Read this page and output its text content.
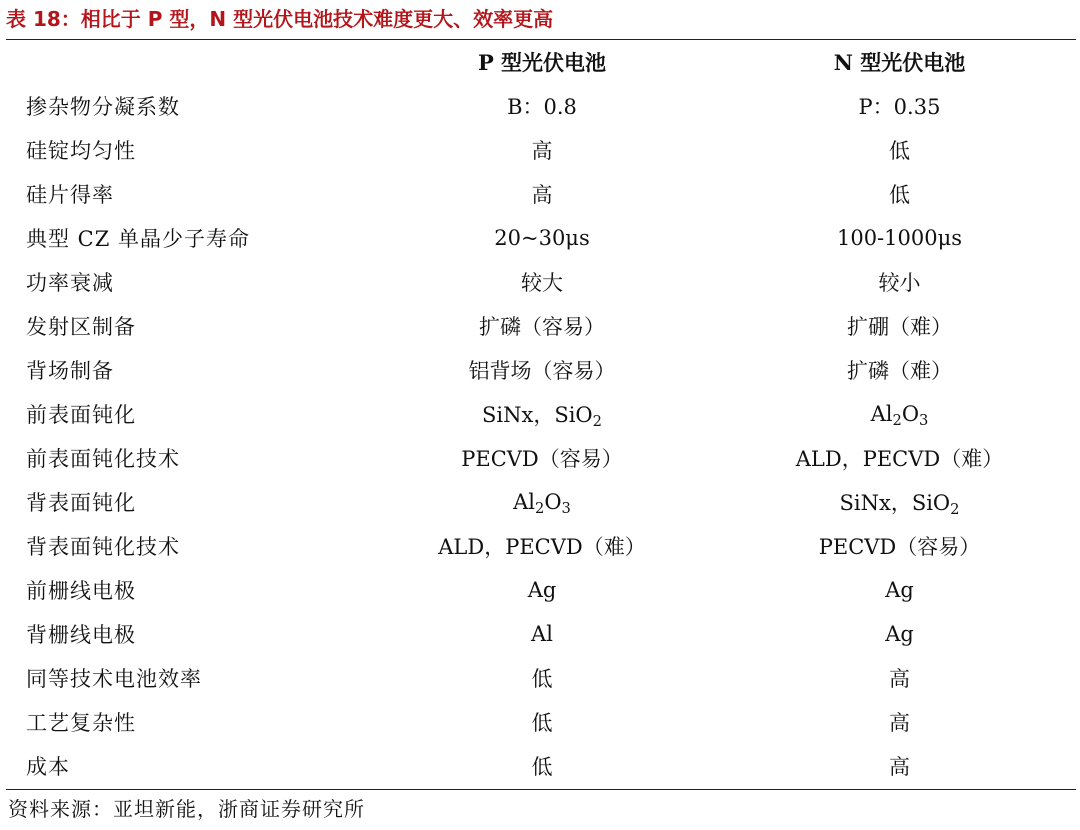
表 18：相比于 P 型，N 型光伏电池技术难度更大、效率更高
	P 型光伏电池	N 型光伏电池
掺杂物分凝系数	B：0.8	P：0.35
硅锭均匀性	高	低
硅片得率	高	低
典型 CZ 单晶少子寿命	20~30μs	100-1000μs
功率衰减	较大	较小
发射区制备	扩磷（容易）	扩硼（难）
背场制备	铝背场（容易）	扩磷（难）
前表面钝化	SiNx，SiO$_2$	$Al_2O_3$
前表面钝化技术	PECVD（容易）	ALD，PECVD（难）
背表面钝化	$Al_2O_3$	SiNx，SiO$_2$
背表面钝化技术	ALD，PECVD（难）	PECVD（容易）
前栅线电极	Ag	Ag
背栅线电极	Al	Ag
同等技术电池效率	低	高
工艺复杂性	低	高
成本	低	高
资料来源：亚坦新能，浙商证券研究所
